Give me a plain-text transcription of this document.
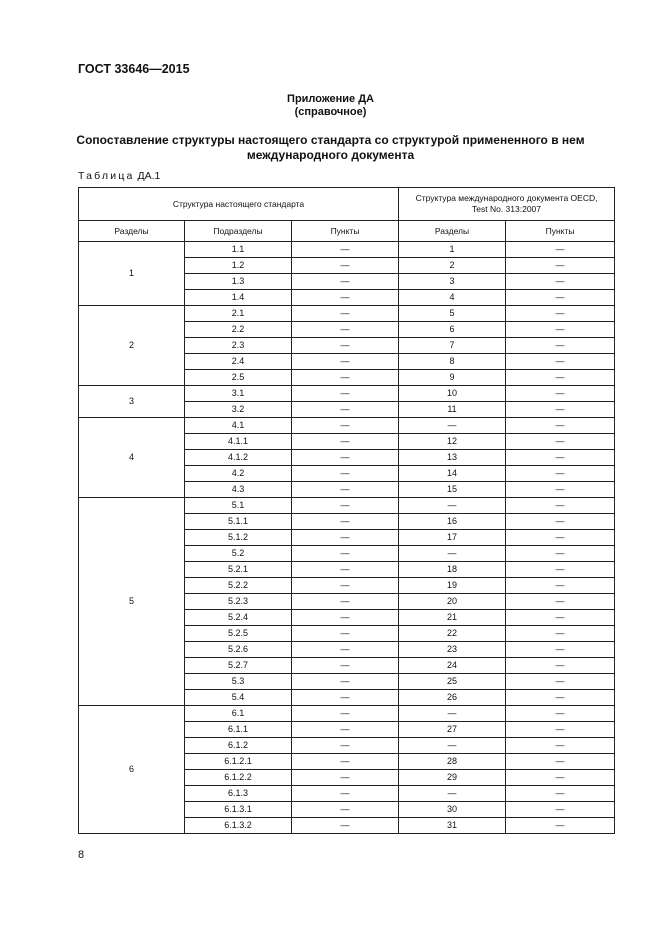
ГОСТ 33646—2015
Приложение ДА
(справочное)
Сопоставление структуры настоящего стандарта со структурой примененного в нем
международного документа
Таблица ДА.1
Структура настоящего стандарта			Структура международного документа OECD,
Test No. 313:2007	

Разделы	Подразделы	Пункты	Разделы	Пункты
1	1.1	—	1	—
	1.2	—	2	—
	1.3	—	3	—
	1.4	—	4	—
2	2.1	—	5	—
	2.2	—	6	—
	2.3	—	7	—
	2.4	—	8	—
	2.5	—	9	—
3	3.1	—	10	—
	3.2	—	11	—
4	4.1	—	—	—
	4.1.1	—	12	—
	4.1.2	—	13	—
	4.2	—	14	—
	4.3	—	15	—
5	5.1	—	—	—
	5.1.1	—	16	—
	5.1.2	—	17	—
	5.2	—	—	—
	5.2.1	—	18	—
	5.2.2	—	19	—
	5.2.3	—	20	—
	5.2.4	—	21	—
	5.2.5	—	22	—
	5.2.6	—	23	—
	5.2.7	—	24	—
	5.3	—	25	—
	5.4	—	26	—
6	6.1	—	—	—
	6.1.1	—	27	—
	6.1.2	—	—	—
	6.1.2.1	—	28	—
	6.1.2.2	—	29	—
	6.1.3	—	—	—
	6.1.3.1	—	30	—
	6.1.3.2	—	31	—
8
